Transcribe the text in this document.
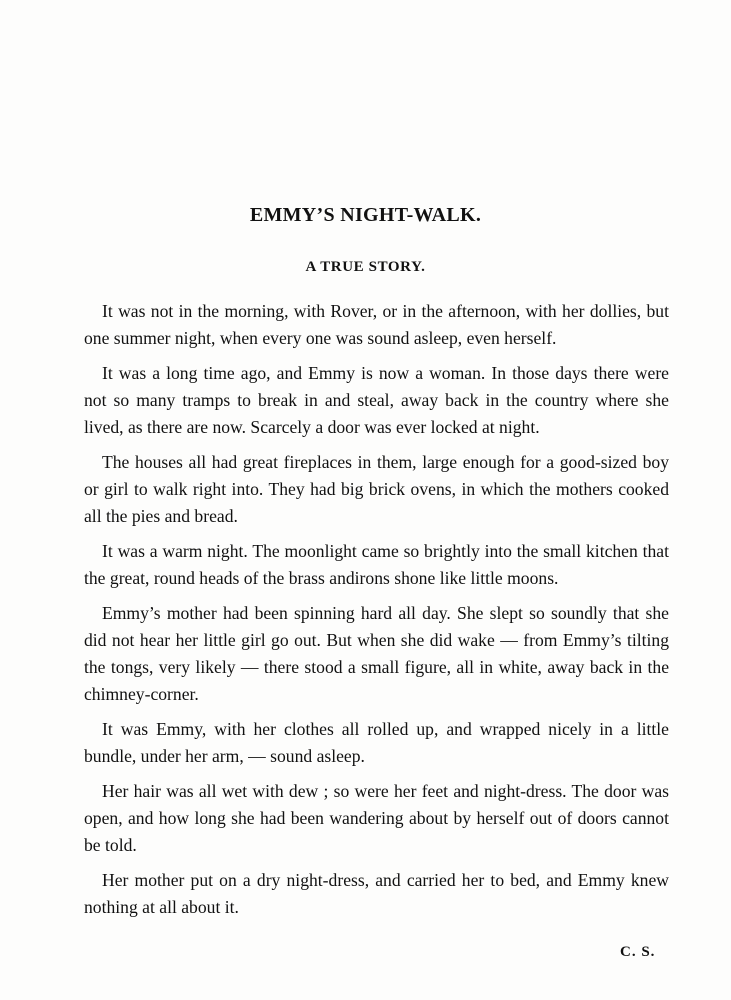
EMMY’S NIGHT-WALK.
A TRUE STORY.

It was not in the morning, with Rover, or in the afternoon, with her dollies, but one summer night, when every one was sound asleep, even herself.

It was a long time ago, and Emmy is now a woman. In those days there were not so many tramps to break in and steal, away back in the country where she lived, as there are now. Scarcely a door was ever locked at night.

The houses all had great fireplaces in them, large enough for a good-sized boy or girl to walk right into. They had big brick ovens, in which the mothers cooked all the pies and bread.

It was a warm night. The moonlight came so brightly into the small kitchen that the great, round heads of the brass andirons shone like little moons.

Emmy’s mother had been spinning hard all day. She slept so soundly that she did not hear her little girl go out. But when she did wake — from Emmy’s tilting the tongs, very likely — there stood a small figure, all in white, away back in the chimney-corner.

It was Emmy, with her clothes all rolled up, and wrapped nicely in a little bundle, under her arm, — sound asleep.

Her hair was all wet with dew ; so were her feet and night-dress. The door was open, and how long she had been wandering about by herself out of doors cannot be told.

Her mother put on a dry night-dress, and carried her to bed, and Emmy knew nothing at all about it.

C. S.
